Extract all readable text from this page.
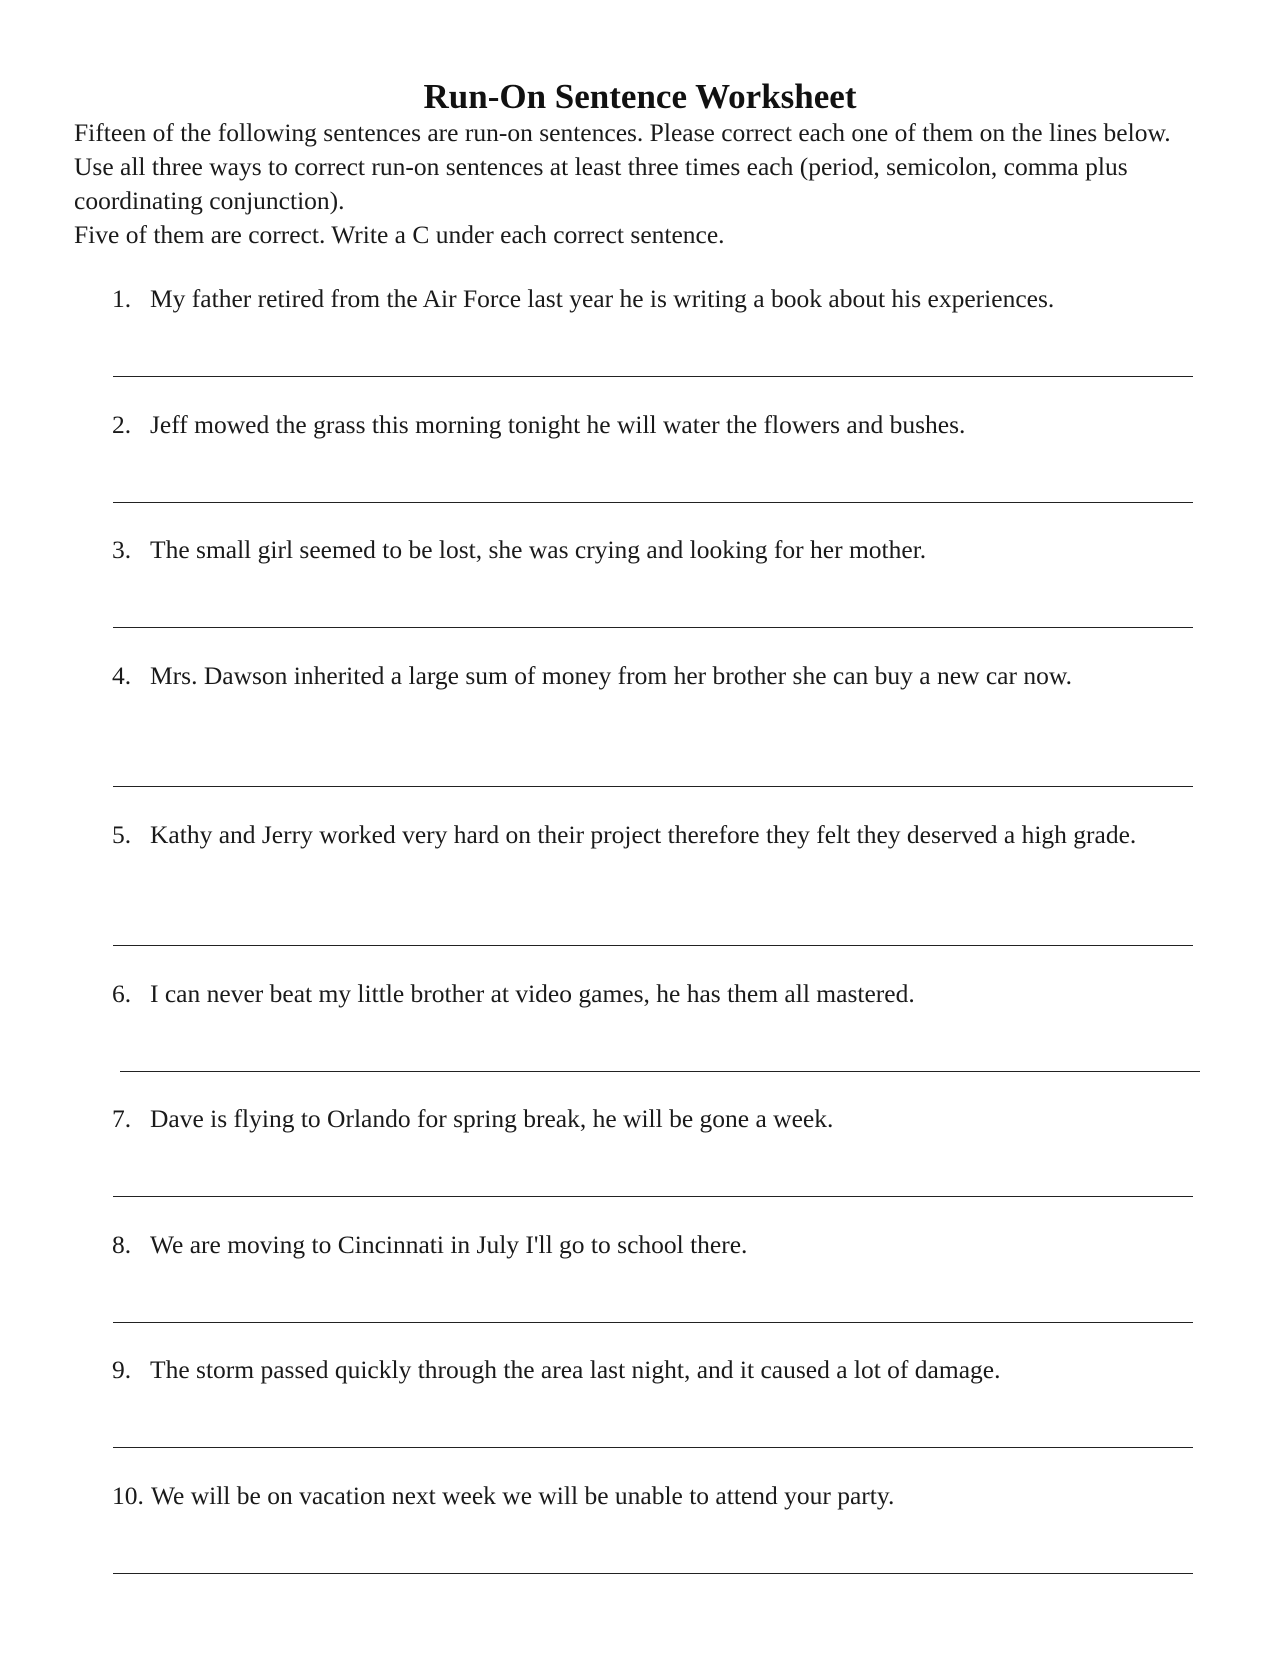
Run-On Sentence Worksheet

Fifteen of the following sentences are run-on sentences. Please correct each one of them on the lines below. Use all three ways to correct run-on sentences at least three times each (period, semicolon, comma plus coordinating conjunction).

Five of them are correct. Write a C under each correct sentence.

1. My father retired from the Air Force last year he is writing a book about his experiences.
2. Jeff mowed the grass this morning tonight he will water the flowers and bushes.
3. The small girl seemed to be lost, she was crying and looking for her mother.
4. Mrs. Dawson inherited a large sum of money from her brother she can buy a new car now.
5. Kathy and Jerry worked very hard on their project therefore they felt they deserved a high grade.
6. I can never beat my little brother at video games, he has them all mastered.
7. Dave is flying to Orlando for spring break, he will be gone a week.
8. We are moving to Cincinnati in July I'll go to school there.
9. The storm passed quickly through the area last night, and it caused a lot of damage.
10. We will be on vacation next week we will be unable to attend your party.
